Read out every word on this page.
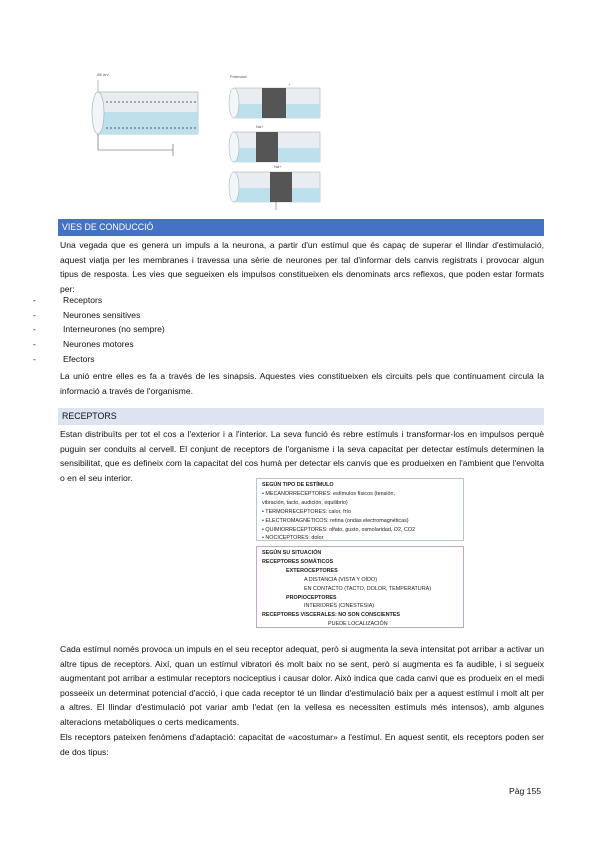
-65 mV	Potencial
+
Na+
Na+
VIES DE CONDUCCIÓ
Una vegada que es genera un impuls a la neurona, a partir d'un estímul que és capaç de superar el llindar d'estimulació, aquest viatja per les membranes i travessa una sèrie de neurones per tal d'informar dels canvis registrats i provocar algun tipus de resposta. Les vies que segueixen els impulsos constitueixen els denominats arcs reflexos, que poden estar formats per:
-	Receptors
-	Neurones sensitives
-	Interneurones (no sempre)
-	Neurones motores
-	Efectors
La unió entre elles es fa a través de les sinapsis. Aquestes vies constitueixen els circuits pels que contínuament circula la informació a través de l'organisme.
RECEPTORS
Estan distribuïts per tot el cos a l'exterior i a l'interior. La seva funció és rebre estímuls i transformar-los en impulsos perquè puguin ser conduits al cervell. El conjunt de receptors de l'organisme i la seva capacitat per detectar estímuls determinen la sensibilitat, que es defineix com la capacitat del cos humà per detectar els canvis que es produeixen en l'ambient que l'envolta o en el seu interior.
SEGÚN TIPO DE ESTÍMULO
• MECANORRECEPTORES: estímulos físicos (tensión,
vibración, tacto, audición, equilibrio)
• TERMORRECEPTORES: calor, frío
• ELECTROMAGNÉTICOS: retina (ondas electromagnéticas)
• QUIMIORRECEPTORES: olfato, gusto, osmolaridad, O2, CO2
• NOCICEPTORES: dolor
SEGÚN SU SITUACIÓN
RECEPTORES SOMÁTICOS
EXTEROCEPTORES
A DISTANCIA (VISTA Y OÍDO)
EN CONTACTO (TACTO, DOLOR, TEMPERATURA)
PROPIOCEPTORES
INTERIORES (CINESTESIA)
RECEPTORES VISCERALES: NO SON CONSCIENTES
PUEDE LOCALIZACIÓN
Cada estímul només provoca un impuls en el seu receptor adequat, però si augmenta la seva intensitat pot arribar a activar un altre tipus de receptors. Així, quan un estímul vibratori és molt baix no se sent, però si augmenta es fa audible, i si segueix augmentant pot arribar a estimular receptors nociceptius i causar dolor. Això indica que cada canvi que es produeix en el medi posseeix un determinat potencial d'acció, i que cada receptor té un llindar d'estimulació baix per a aquest estímul i molt alt per a altres. El llindar d'estimulació pot variar amb l'edat (en la vellesa es necessiten estímuls més intensos), amb algunes alteracions metabòliques o certs medicaments.
Els receptors pateixen fenòmens d'adaptació: capacitat de «acostumar» a l'estímul. En aquest sentit, els receptors poden ser de dos tipus:
Pàg 155
